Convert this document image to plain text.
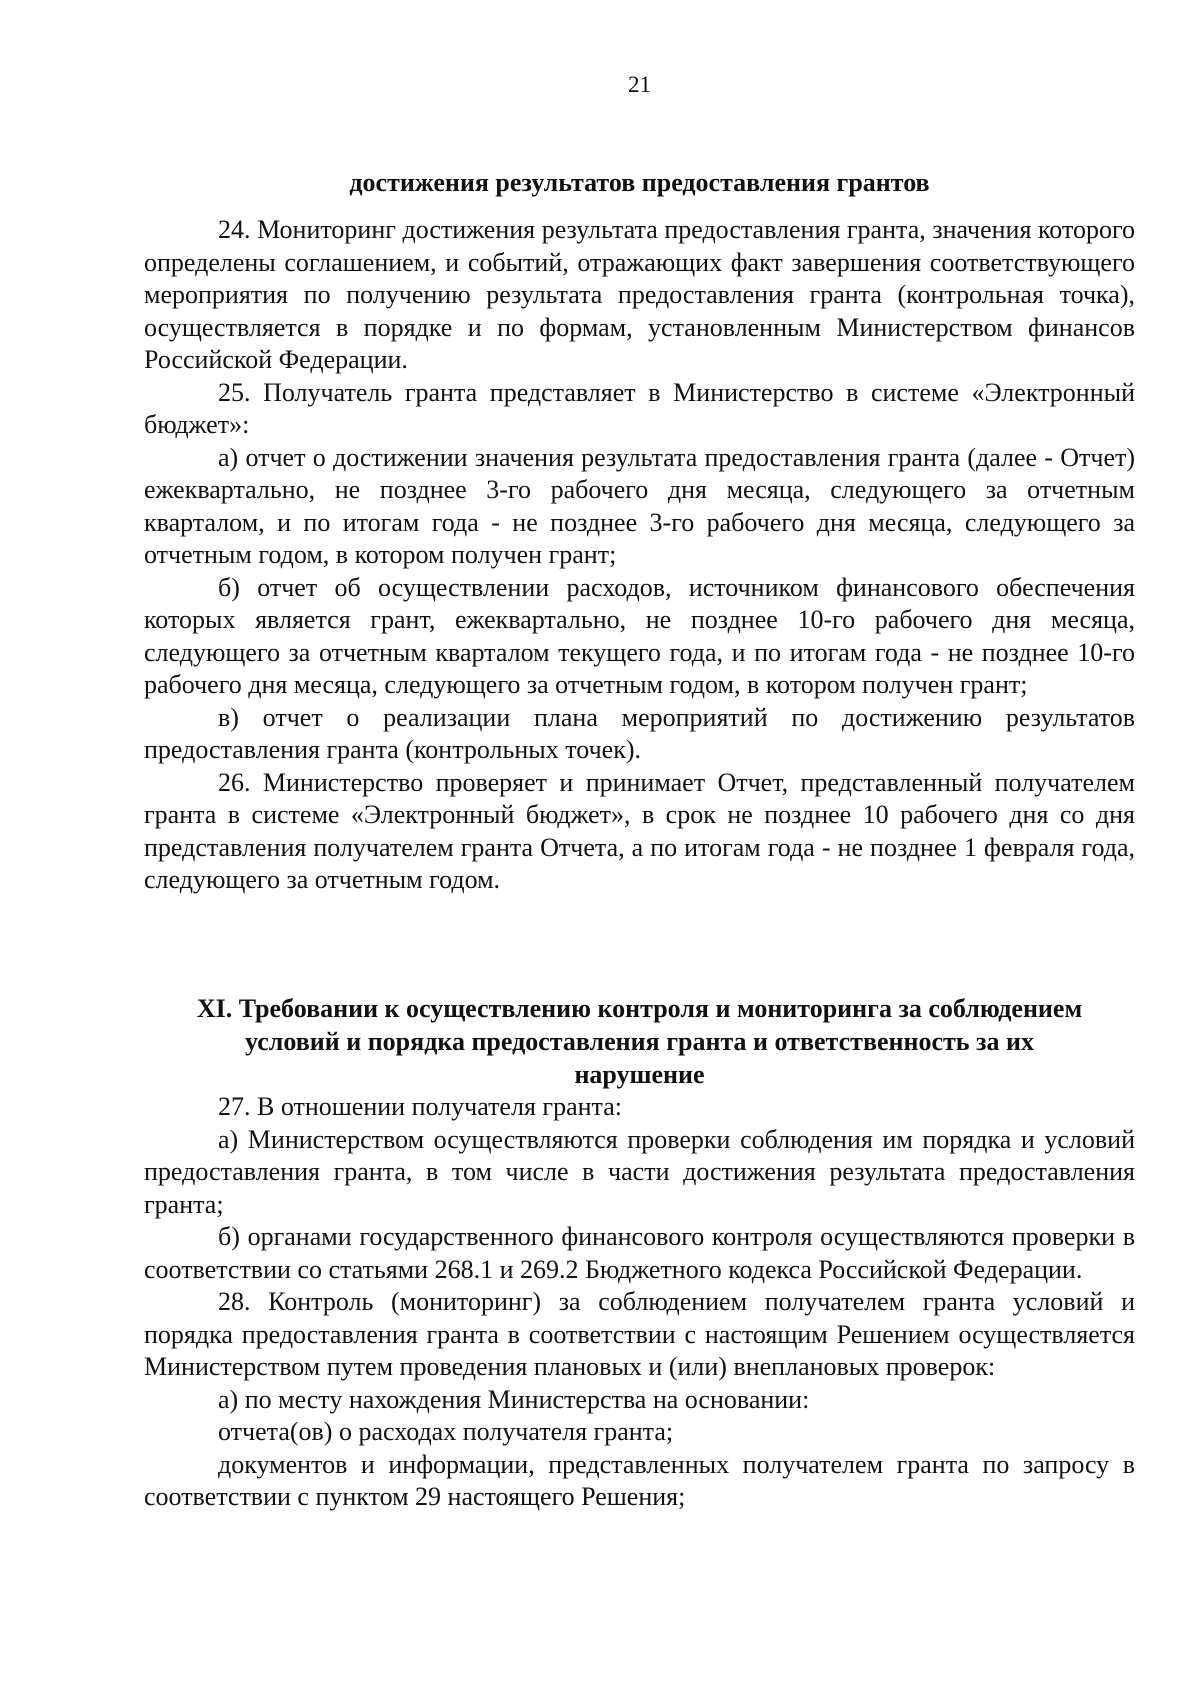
21
достижения результатов предоставления грантов

24. Мониторинг достижения результата предоставления гранта, значения которого определены соглашением, и событий, отражающих факт завершения соответствующего мероприятия по получению результата предоставления гранта (контрольная точка), осуществляется в порядке и по формам, установленным Министерством финансов Российской Федерации.

25. Получатель гранта представляет в Министерство в системе «Электронный бюджет»:

а) отчет о достижении значения результата предоставления гранта (далее - Отчет) ежеквартально, не позднее 3-го рабочего дня месяца, следующего за отчетным кварталом, и по итогам года - не позднее 3-го рабочего дня месяца, следующего за отчетным годом, в котором получен грант;

б) отчет об осуществлении расходов, источником финансового обеспечения которых является грант, ежеквартально, не позднее 10-го рабочего дня месяца, следующего за отчетным кварталом текущего года, и по итогам года - не позднее 10-го рабочего дня месяца, следующего за отчетным годом, в котором получен грант;

в) отчет о реализации плана мероприятий по достижению результатов предоставления гранта (контрольных точек).

26. Министерство проверяет и принимает Отчет, представленный получателем гранта в системе «Электронный бюджет», в срок не позднее 10 рабочего дня со дня представления получателем гранта Отчета, а по итогам года - не позднее 1 февраля года, следующего за отчетным годом.

XI. Требовании к осуществлению контроля и мониторинга за соблюдением
условий и порядка предоставления гранта и ответственность за их
нарушение

27. В отношении получателя гранта:

а) Министерством осуществляются проверки соблюдения им порядка и условий предоставления гранта, в том числе в части достижения результата предоставления гранта;

б) органами государственного финансового контроля осуществляются проверки в соответствии со статьями 268.1 и 269.2 Бюджетного кодекса Российской Федерации.

28. Контроль (мониторинг) за соблюдением получателем гранта условий и порядка предоставления гранта в соответствии с настоящим Решением осуществляется Министерством путем проведения плановых и (или) внеплановых проверок:

а) по месту нахождения Министерства на основании:

отчета(ов) о расходах получателя гранта;

документов и информации, представленных получателем гранта по запросу в соответствии с пунктом 29 настоящего Решения;
